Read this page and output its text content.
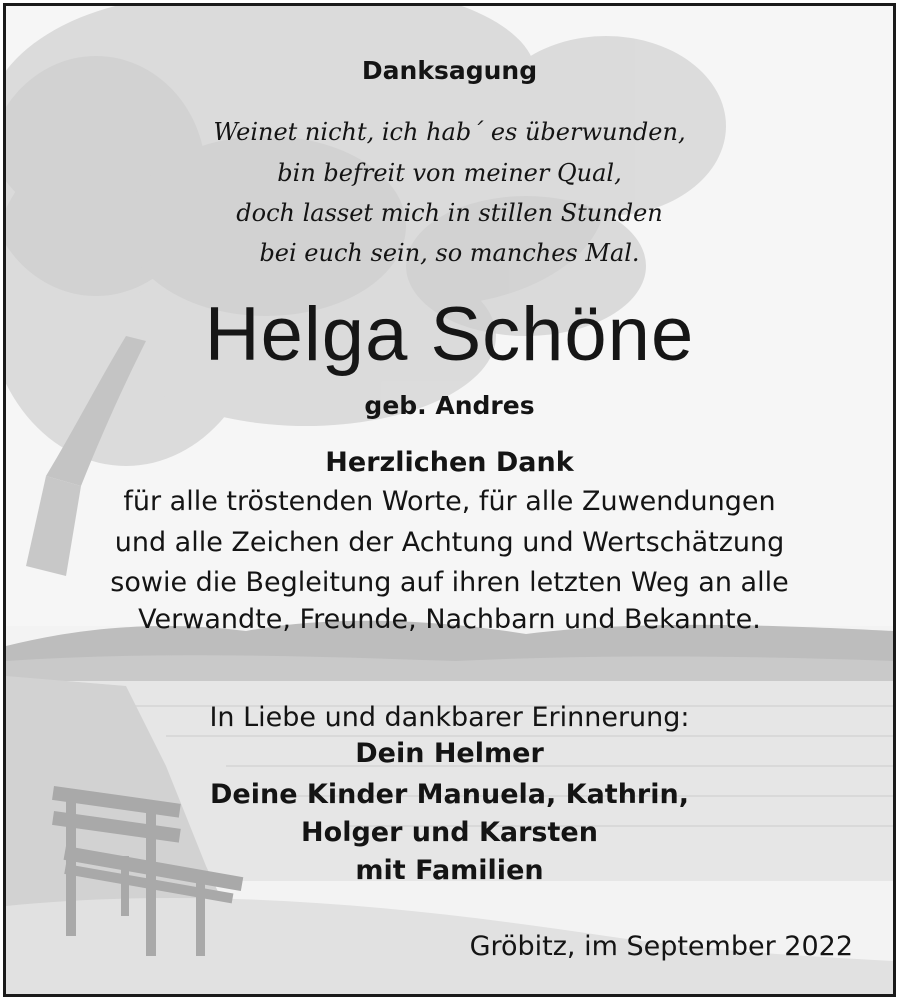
Danksagung
Weinet nicht, ich hab´ es überwunden,
bin befreit von meiner Qual,
doch lasset mich in stillen Stunden
bei euch sein, so manches Mal.
Helga Schöne
geb. Andres
Herzlichen Dank
für alle tröstenden Worte, für alle Zuwendungen
und alle Zeichen der Achtung und Wertschätzung
sowie die Begleitung auf ihren letzten Weg an alle
Verwandte, Freunde, Nachbarn und Bekannte.
In Liebe und dankbarer Erinnerung:
Dein Helmer
Deine Kinder Manuela, Kathrin,
Holger und Karsten
mit Familien
Gröbitz, im September 2022
